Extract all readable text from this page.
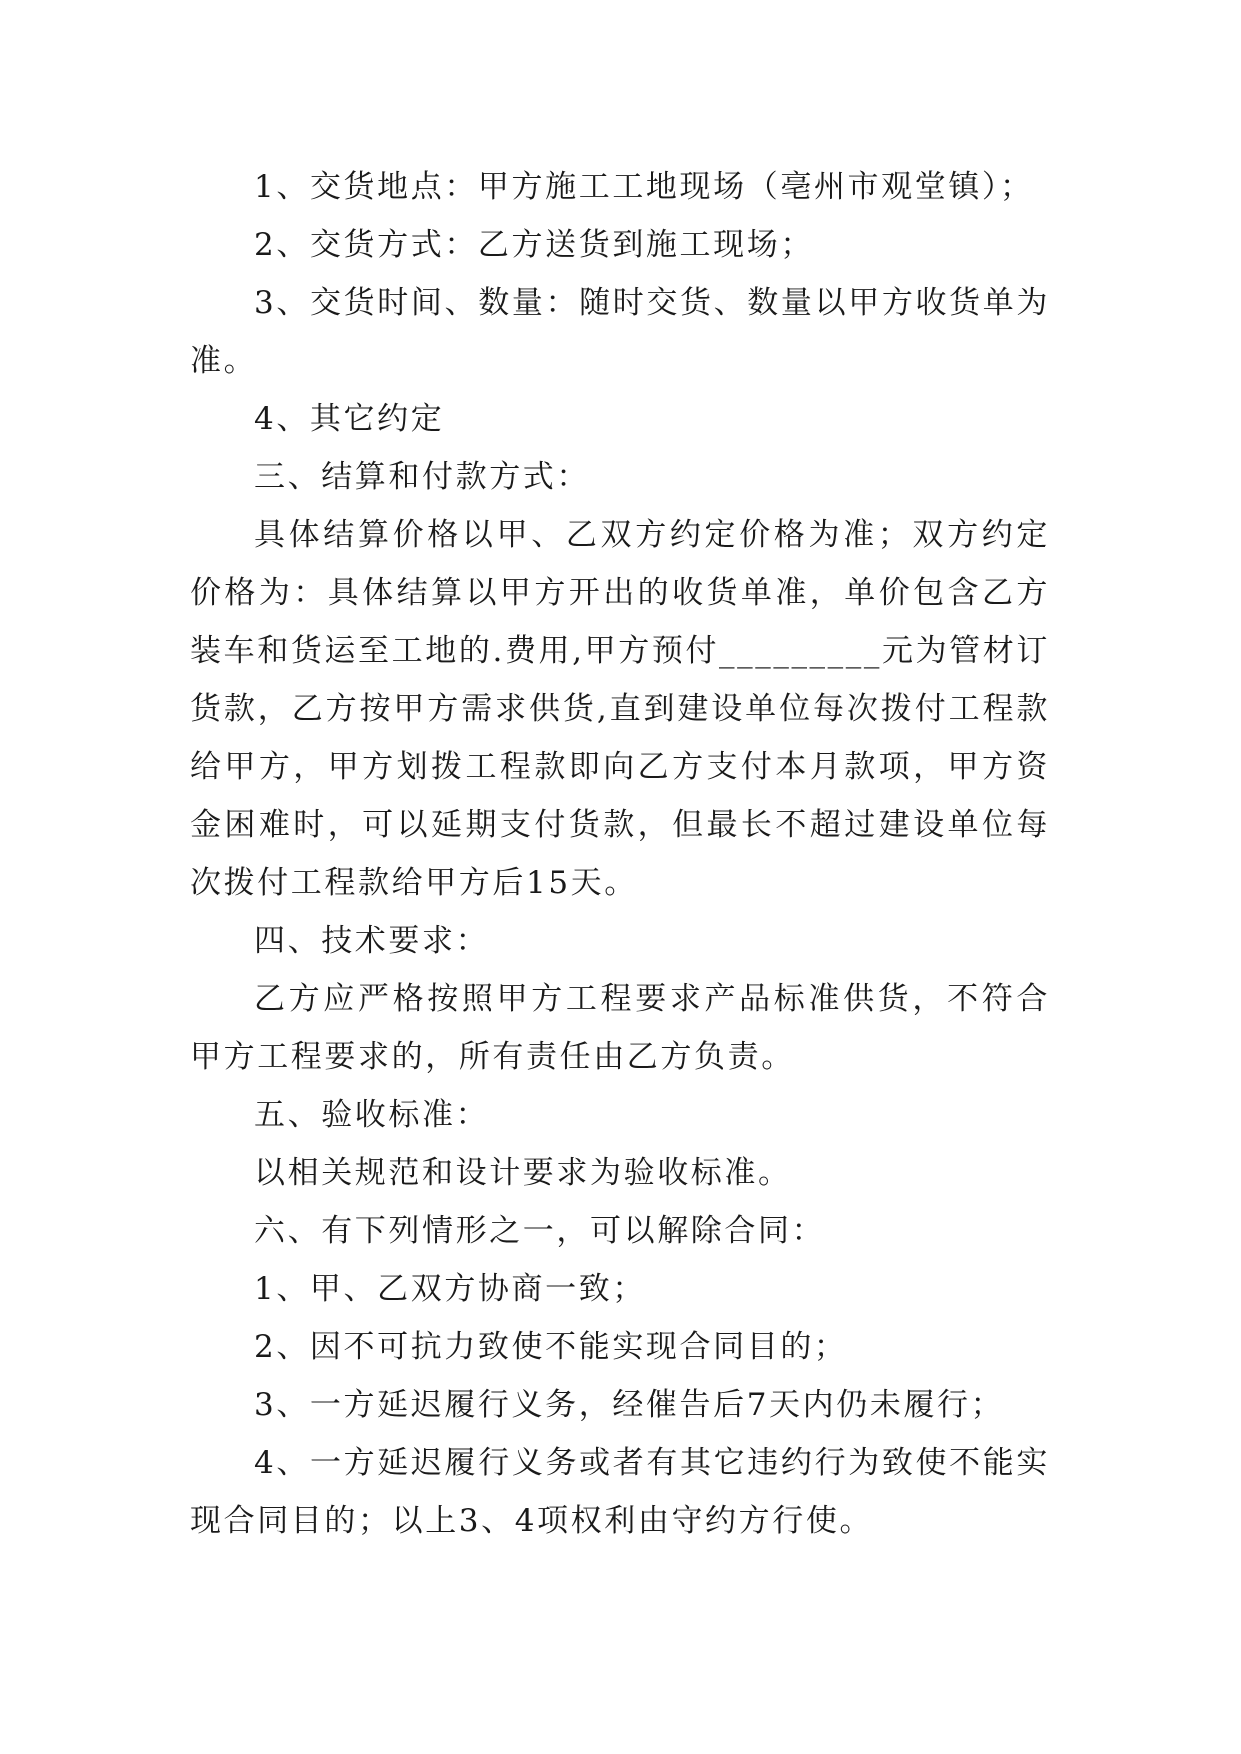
1、交货地点：甲方施工工地现场（亳州市观堂镇）；

2、交货方式：乙方送货到施工现场；

3、交货时间、数量：随时交货、数量以甲方收货单为准。

4、其它约定

三、结算和付款方式：

具体结算价格以甲、乙双方约定价格为准；双方约定价格为：具体结算以甲方开出的收货单准，单价包含乙方装车和货运至工地的.费用,甲方预付_________元为管材订货款，乙方按甲方需求供货,直到建设单位每次拨付工程款给甲方，甲方划拨工程款即向乙方支付本月款项，甲方资金困难时，可以延期支付货款，但最长不超过建设单位每次拨付工程款给甲方后15天。

四、技术要求：

乙方应严格按照甲方工程要求产品标准供货，不符合甲方工程要求的，所有责任由乙方负责。

五、验收标准：

以相关规范和设计要求为验收标准。

六、有下列情形之一，可以解除合同：

1、甲、乙双方协商一致；

2、因不可抗力致使不能实现合同目的；

3、一方延迟履行义务，经催告后7天内仍未履行；

4、一方延迟履行义务或者有其它违约行为致使不能实现合同目的；以上3、4项权利由守约方行使。
